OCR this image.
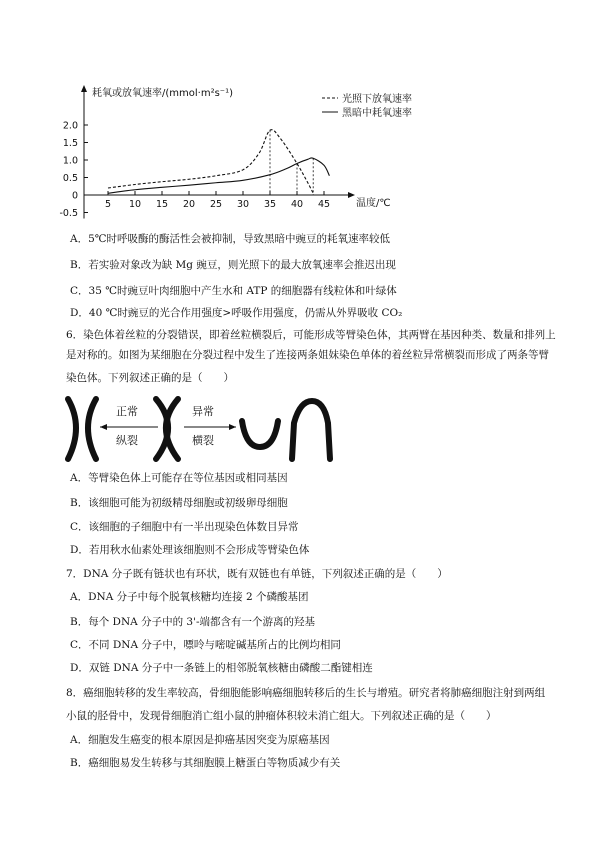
耗氧或放氧速率/(mmol·m²s⁻¹)
温度/℃
-0.5
0
0.5
1.0
1.5
2.0
5 10 15 20 25 30 35 40 45
光照下放氧速率
黑暗中耗氧速率
A．5℃时呼吸酶的酶活性会被抑制，导致黑暗中豌豆的耗氧速率较低
B．若实验对象改为缺 Mg 豌豆，则光照下的最大放氧速率会推迟出现
C．35 ℃时豌豆叶肉细胞中产生水和 ATP 的细胞器有线粒体和叶绿体
D．40 ℃时豌豆的光合作用强度>呼吸作用强度，仍需从外界吸收 CO₂
6．染色体着丝粒的分裂错误，即着丝粒横裂后，可能形成等臂染色体，其两臂在基因种类、数量和排列上
是对称的。如图为某细胞在分裂过程中发生了连接两条姐妹染色单体的着丝粒异常横裂而形成了两条等臂
染色体。下列叙述正确的是（　　）
正常
纵裂
异常
横裂
A．等臂染色体上可能存在等位基因或相同基因
B．该细胞可能为初级精母细胞或初级卵母细胞
C．该细胞的子细胞中有一半出现染色体数目异常
D．若用秋水仙素处理该细胞则不会形成等臂染色体
7．DNA 分子既有链状也有环状，既有双链也有单链，下列叙述正确的是（　　）
A．DNA 分子中每个脱氧核糖均连接 2 个磷酸基团
B．每个 DNA 分子中的 3'-端都含有一个游离的羟基
C．不同 DNA 分子中，嘌呤与嘧啶碱基所占的比例均相同
D．双链 DNA 分子中一条链上的相邻脱氧核糖由磷酸二酯键相连
8．癌细胞转移的发生率较高，骨细胞能影响癌细胞转移后的生长与增殖。研究者将肺癌细胞注射到两组
小鼠的胫骨中，发现骨细胞消亡组小鼠的肿瘤体积较未消亡组大。下列叙述正确的是（　　）
A．细胞发生癌变的根本原因是抑癌基因突变为原癌基因
B．癌细胞易发生转移与其细胞膜上糖蛋白等物质减少有关
